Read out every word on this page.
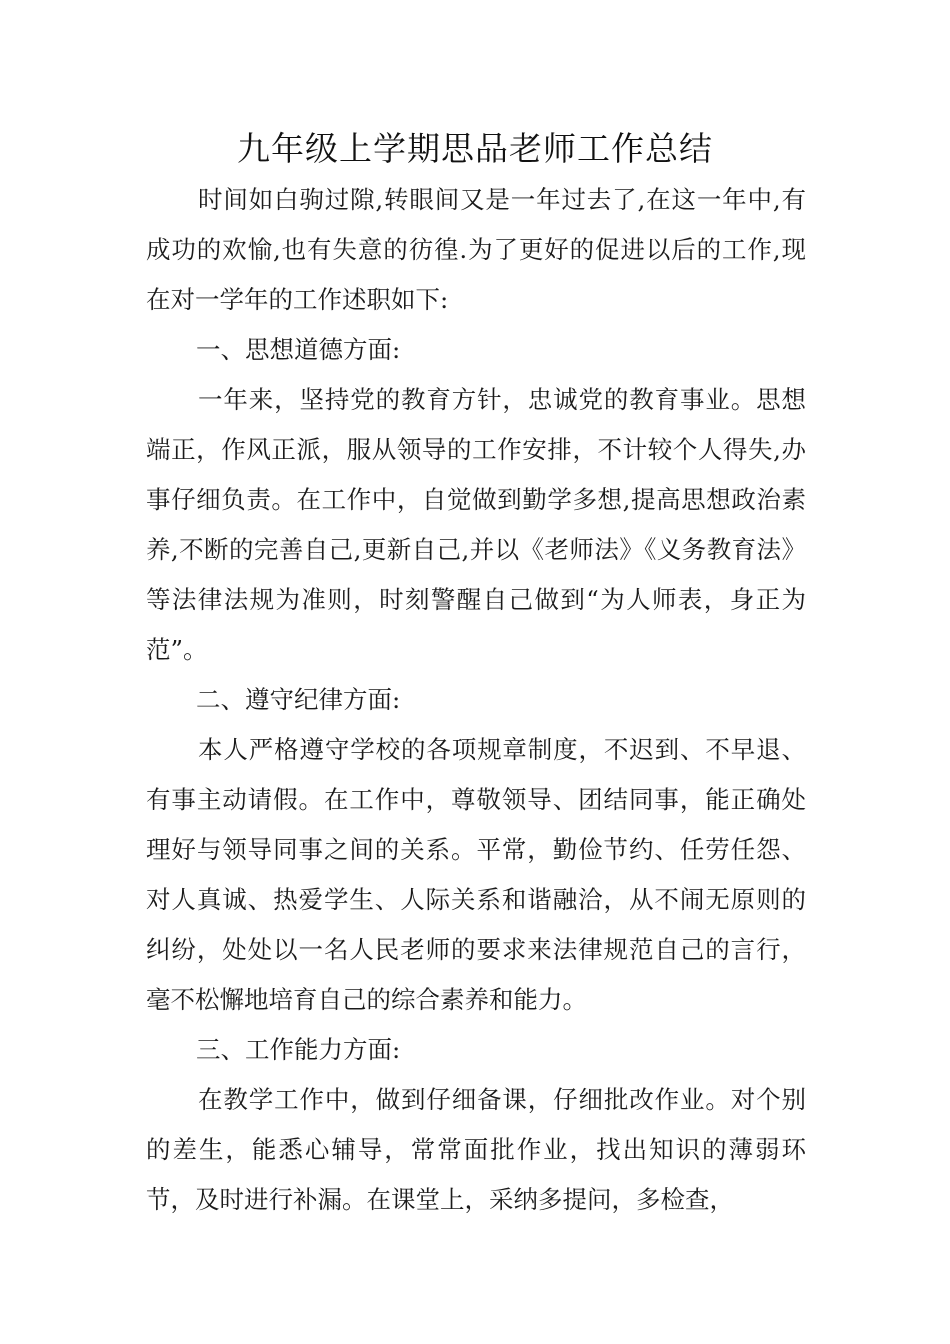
九年级上学期思品老师工作总结

时间如白驹过隙,转眼间又是一年过去了,在这一年中,有成功的欢愉,也有失意的彷徨.为了更好的促进以后的工作,现在对一学年的工作述职如下:

一、思想道德方面:

一年来，坚持党的教育方针，忠诚党的教育事业。思想端正，作风正派，服从领导的工作安排，不计较个人得失,办事仔细负责。在工作中，自觉做到勤学多想,提高思想政治素养,不断的完善自己,更新自己,并以《老师法》《义务教育法》等法律法规为准则，时刻警醒自己做到“为人师表，身正为范”。

二、遵守纪律方面:

本人严格遵守学校的各项规章制度，不迟到、不早退、有事主动请假。在工作中，尊敬领导、团结同事，能正确处理好与领导同事之间的关系。平常，勤俭节约、任劳任怨、对人真诚、热爱学生、人际关系和谐融洽，从不闹无原则的纠纷，处处以一名人民老师的要求来法律规范自己的言行，毫不松懈地培育自己的综合素养和能力。

三、工作能力方面:

在教学工作中，做到仔细备课，仔细批改作业。对个别的差生，能悉心辅导，常常面批作业，找出知识的薄弱环节，及时进行补漏。在课堂上，采纳多提问，多检查，
